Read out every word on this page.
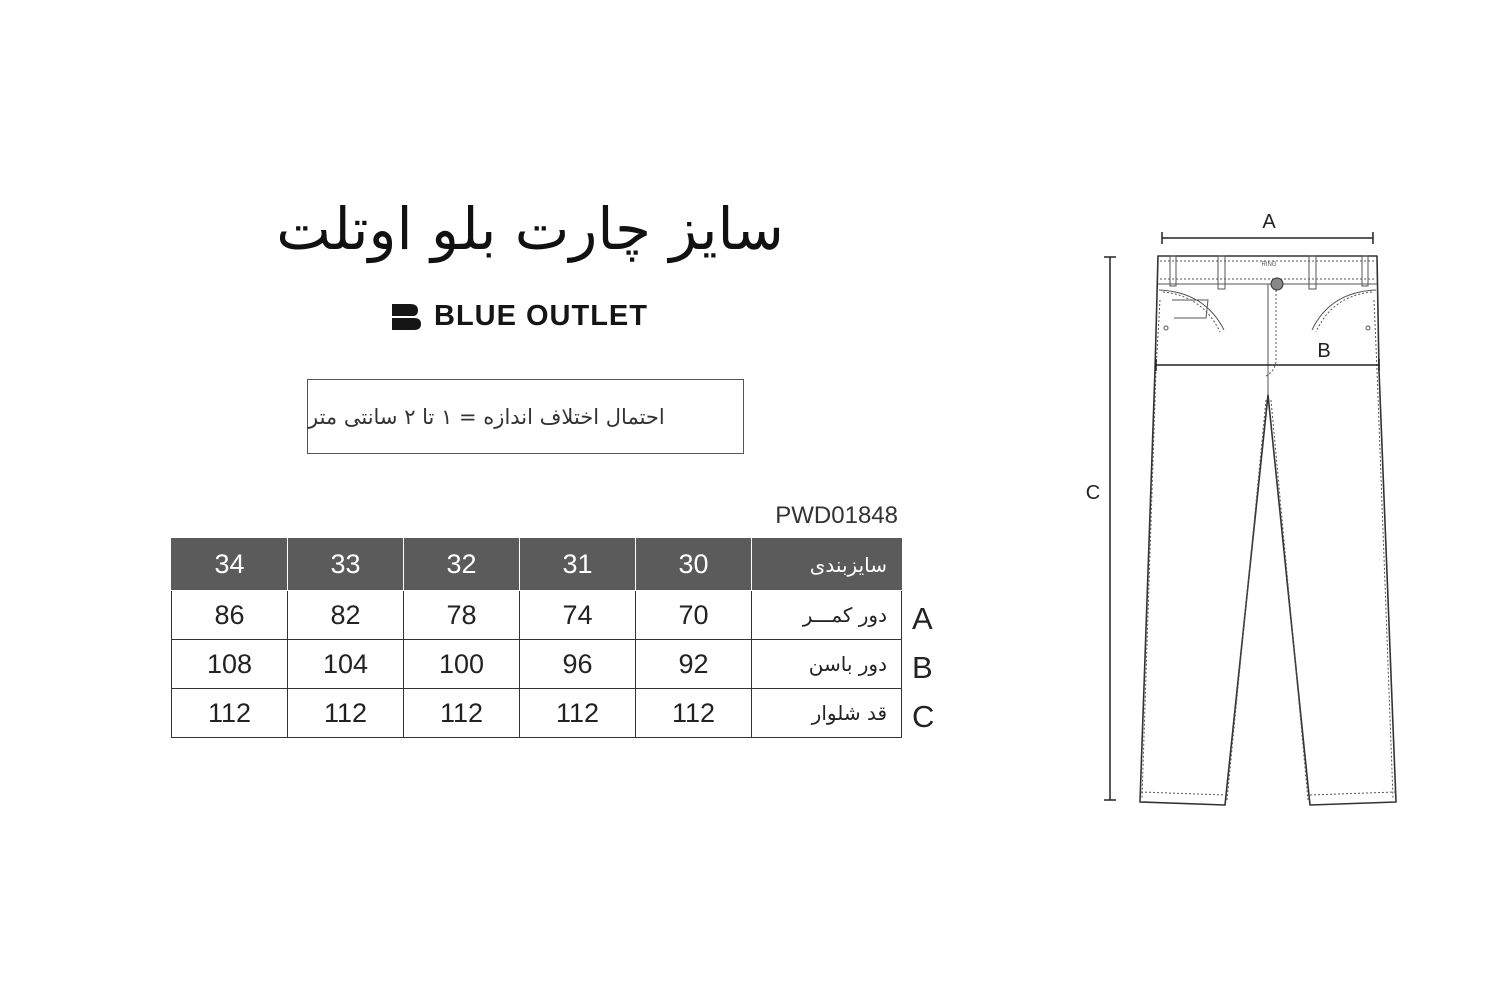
سایز چارت بلو اوتلت
BLUE OUTLET
احتمال اختلاف اندازه = ۱ تا ۲ سانتی متر
PWD01848
34	33	32	31	30	سایزبندی
86	82	78	74	70	دور کمـــر
108	104	100	96	92	دور باسن
112	112	112	112	112	قد شلوار
A
B
C
A
C
RING
B
